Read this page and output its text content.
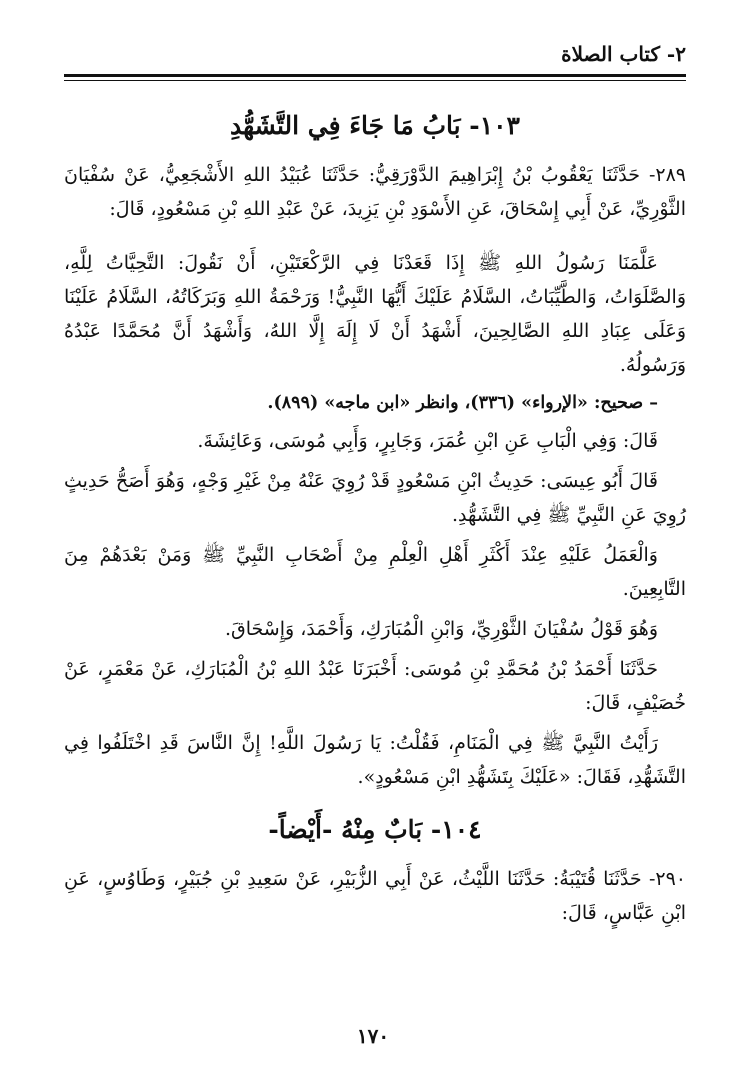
٢- كتاب الصلاة
١٠٣- بَابُ مَا جَاءَ فِي التَّشَهُّدِ

٢٨٩- حَدَّثَنَا يَعْقُوبُ بْنُ إِبْرَاهِيمَ الدَّوْرَقِيُّ: حَدَّثَنَا عُبَيْدُ اللهِ الأَشْجَعِيُّ، عَنْ سُفْيَانَ الثَّوْرِيِّ، عَنْ أَبِي إِسْحَاقَ، عَنِ الأَسْوَدِ بْنِ يَزِيدَ، عَنْ عَبْدِ اللهِ بْنِ مَسْعُودٍ، قَالَ:

عَلَّمَنَا رَسُولُ اللهِ ﷺ إِذَا قَعَدْنَا فِي الرَّكْعَتَيْنِ، أَنْ نَقُولَ: التَّحِيَّاتُ لِلَّهِ، وَالصَّلَوَاتُ، وَالطَّيِّبَاتُ، السَّلَامُ عَلَيْكَ أَيُّهَا النَّبِيُّ! وَرَحْمَةُ اللهِ وَبَرَكَاتُهُ، السَّلَامُ عَلَيْنَا وَعَلَى عِبَادِ اللهِ الصَّالِحِينَ، أَشْهَدُ أَنْ لَا إِلَهَ إِلَّا اللهُ، وَأَشْهَدُ أَنَّ مُحَمَّدًا عَبْدُهُ وَرَسُولُهُ.

– صحيح: «الإرواء» (٣٣٦)، وانظر «ابن ماجه» (٨٩٩).

قَالَ: وَفِي الْبَابِ عَنِ ابْنِ عُمَرَ، وَجَابِرٍ، وَأَبِي مُوسَى، وَعَائِشَةَ.

قَالَ أَبُو عِيسَى: حَدِيثُ ابْنِ مَسْعُودٍ قَدْ رُوِيَ عَنْهُ مِنْ غَيْرِ وَجْهٍ، وَهُوَ أَصَحُّ حَدِيثٍ رُوِيَ عَنِ النَّبِيِّ ﷺ فِي التَّشَهُّدِ.

وَالْعَمَلُ عَلَيْهِ عِنْدَ أَكْثَرِ أَهْلِ الْعِلْمِ مِنْ أَصْحَابِ النَّبِيِّ ﷺ وَمَنْ بَعْدَهُمْ مِنَ التَّابِعِينَ.

وَهُوَ قَوْلُ سُفْيَانَ الثَّوْرِيِّ، وَابْنِ الْمُبَارَكِ، وَأَحْمَدَ، وَإِسْحَاقَ.

حَدَّثَنَا أَحْمَدُ بْنُ مُحَمَّدِ بْنِ مُوسَى: أَخْبَرَنَا عَبْدُ اللهِ بْنُ الْمُبَارَكِ، عَنْ مَعْمَرٍ، عَنْ خُصَيْفٍ، قَالَ:

رَأَيْتُ النَّبِيَّ ﷺ فِي الْمَنَامِ، فَقُلْتُ: يَا رَسُولَ اللَّهِ! إِنَّ النَّاسَ قَدِ اخْتَلَفُوا فِي التَّشَهُّدِ، فَقَالَ: «عَلَيْكَ بِتَشَهُّدِ ابْنِ مَسْعُودٍ».

١٠٤- بَابٌ مِنْهُ -أَيْضاً-

٢٩٠- حَدَّثَنَا قُتَيْبَةُ: حَدَّثَنَا اللَّيْثُ، عَنْ أَبِي الزُّبَيْرِ، عَنْ سَعِيدِ بْنِ جُبَيْرٍ، وَطَاوُسٍ، عَنِ ابْنِ عَبَّاسٍ، قَالَ:

١٧٠
